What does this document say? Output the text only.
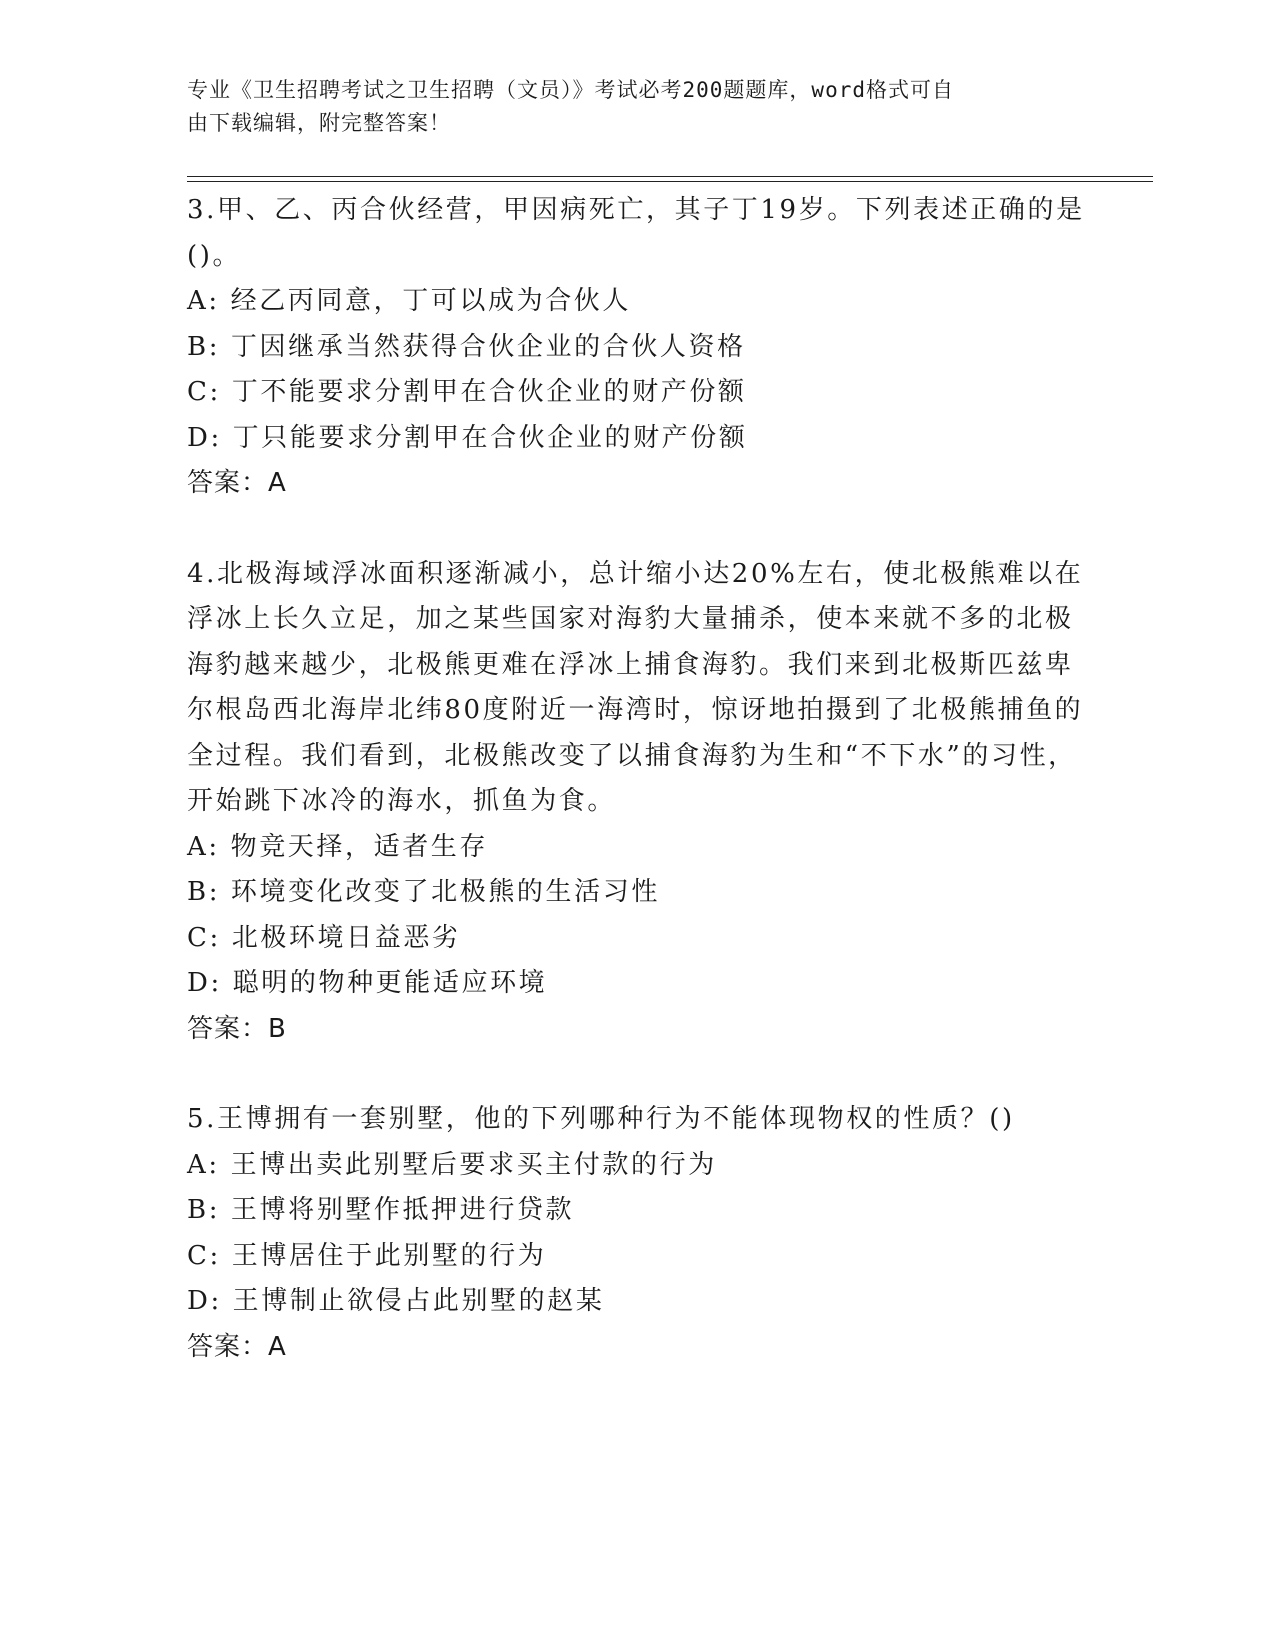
专业《卫生招聘考试之卫生招聘（文员）》考试必考200题题库，word格式可自
由下载编辑，附完整答案！

3.甲、乙、丙合伙经营，甲因病死亡，其子丁19岁。下列表述正确的是()。

A: 经乙丙同意，丁可以成为合伙人

B: 丁因继承当然获得合伙企业的合伙人资格

C: 丁不能要求分割甲在合伙企业的财产份额

D: 丁只能要求分割甲在合伙企业的财产份额

答案：A

4.北极海域浮冰面积逐渐减小，总计缩小达20%左右，使北极熊难以在浮冰上长久立足，加之某些国家对海豹大量捕杀，使本来就不多的北极海豹越来越少，北极熊更难在浮冰上捕食海豹。我们来到北极斯匹兹卑尔根岛西北海岸北纬80度附近一海湾时，惊讶地拍摄到了北极熊捕鱼的全过程。我们看到，北极熊改变了以捕食海豹为生和“不下水”的习性，开始跳下冰冷的海水，抓鱼为食。

A: 物竞天择，适者生存

B: 环境变化改变了北极熊的生活习性

C: 北极环境日益恶劣

D: 聪明的物种更能适应环境

答案：B

5.王博拥有一套别墅，他的下列哪种行为不能体现物权的性质？()

A: 王博出卖此别墅后要求买主付款的行为

B: 王博将别墅作抵押进行贷款

C: 王博居住于此别墅的行为

D: 王博制止欲侵占此别墅的赵某

答案：A
